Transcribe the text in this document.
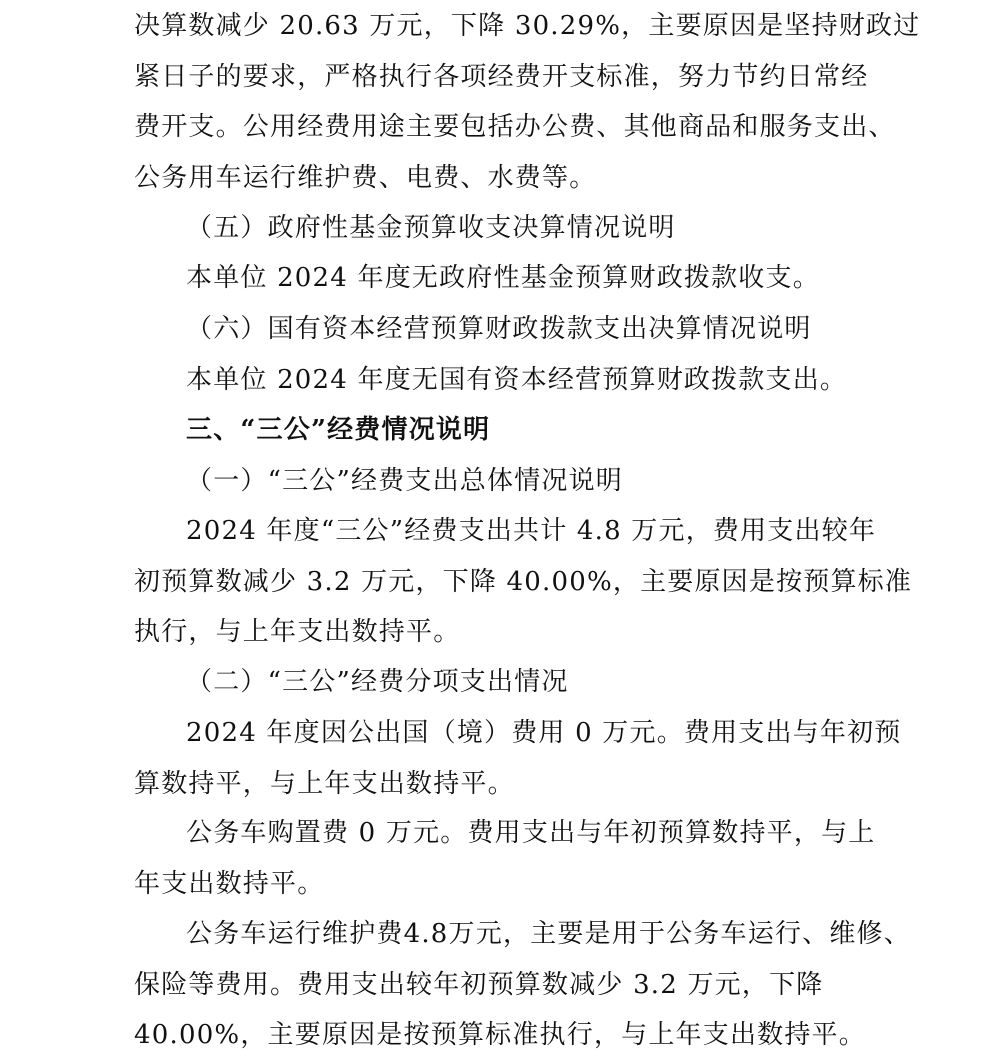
决算数减少 20.63 万元，下降 30.29%，主要原因是坚持财政过
紧日子的要求，严格执行各项经费开支标准，努力节约日常经
费开支。公用经费用途主要包括办公费、其他商品和服务支出、
公务用车运行维护费、电费、水费等。
（五）政府性基金预算收支决算情况说明
本单位 2024 年度无政府性基金预算财政拨款收支。
（六）国有资本经营预算财政拨款支出决算情况说明
本单位 2024 年度无国有资本经营预算财政拨款支出。
三、“三公”经费情况说明
（一）“三公”经费支出总体情况说明
2024 年度“三公”经费支出共计 4.8 万元，费用支出较年
初预算数减少 3.2 万元，下降 40.00%，主要原因是按预算标准
执行，与上年支出数持平。
（二）“三公”经费分项支出情况
2024 年度因公出国（境）费用 0 万元。费用支出与年初预
算数持平，与上年支出数持平。
公务车购置费 0 万元。费用支出与年初预算数持平，与上
年支出数持平。
公务车运行维护费4.8万元，主要是用于公务车运行、维修、
保险等费用。费用支出较年初预算数减少 3.2 万元，下降
40.00%，主要原因是按预算标准执行，与上年支出数持平。
